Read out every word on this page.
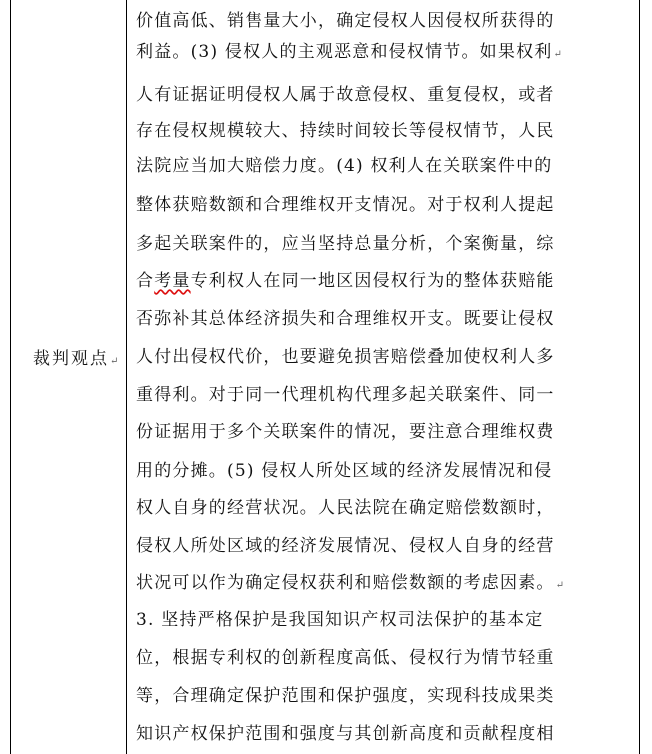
裁判观点↵
价值高低、销售量大小，确定侵权人因侵权所获得的
利益。(3) 侵权人的主观恶意和侵权情节。如果权利↵
人有证据证明侵权人属于故意侵权、重复侵权，或者
存在侵权规模较大、持续时间较长等侵权情节，人民
法院应当加大赔偿力度。(4) 权利人在关联案件中的
整体获赔数额和合理维权开支情况。对于权利人提起
多起关联案件的，应当坚持总量分析，个案衡量，综
合考量专利权人在同一地区因侵权行为的整体获赔能
否弥补其总体经济损失和合理维权开支。既要让侵权
人付出侵权代价，也要避免损害赔偿叠加使权利人多
重得利。对于同一代理机构代理多起关联案件、同一
份证据用于多个关联案件的情况，要注意合理维权费
用的分摊。(5) 侵权人所处区域的经济发展情况和侵
权人自身的经营状况。人民法院在确定赔偿数额时，
侵权人所处区域的经济发展情况、侵权人自身的经营
状况可以作为确定侵权获利和赔偿数额的考虑因素。↵
3. 坚持严格保护是我国知识产权司法保护的基本定
位，根据专利权的创新程度高低、侵权行为情节轻重
等，合理确定保护范围和保护强度，实现科技成果类
知识产权保护范围和强度与其创新高度和贡献程度相
